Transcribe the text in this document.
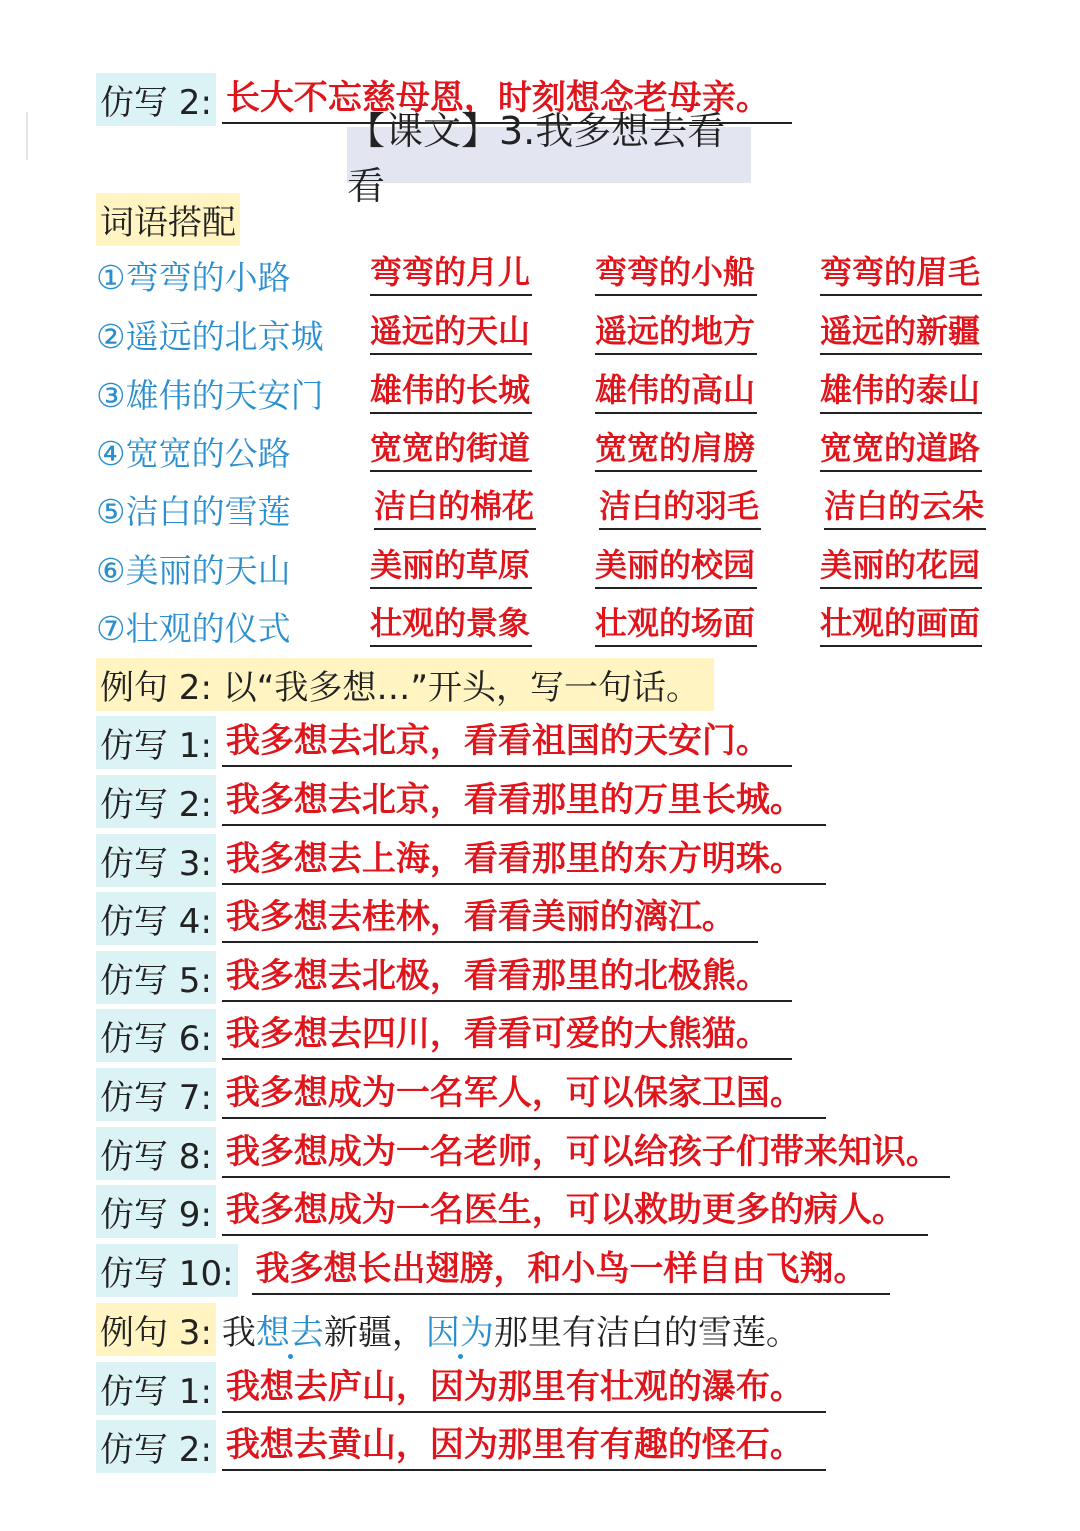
仿写 2: 长大不忘慈母恩，时刻想念老母亲。
【课文】3.我多想去看看
词语搭配
①弯弯的小路 弯弯的月儿 弯弯的小船 弯弯的眉毛
②遥远的北京城 遥远的天山 遥远的地方 遥远的新疆
③雄伟的天安门 雄伟的长城 雄伟的高山 雄伟的泰山
④宽宽的公路 宽宽的街道 宽宽的肩膀 宽宽的道路
⑤洁白的雪莲	洁白的棉花 洁白的羽毛 洁白的云朵
⑥美丽的天山 美丽的草原 美丽的校园 美丽的花园
⑦壮观的仪式 壮观的景象 壮观的场面 壮观的画面
例句 2: 以“我多想…”开头，写一句话。
仿写 1: 我多想去北京，看看祖国的天安门。
仿写 2: 我多想去北京，看看那里的万里长城。
仿写 3: 我多想去上海，看看那里的东方明珠。
仿写 4: 我多想去桂林，看看美丽的漓江。
仿写 5: 我多想去北极，看看那里的北极熊。
仿写 6: 我多想去四川，看看可爱的大熊猫。
仿写 7: 我多想成为一名军人，可以保家卫国。
仿写 8: 我多想成为一名老师，可以给孩子们带来知识。
仿写 9: 我多想成为一名医生，可以救助更多的病人。
仿写 10: 我多想长出翅膀，和小鸟一样自由飞翔。
例句 3: 我想去新疆，因为那里有洁白的雪莲。
仿写 1: 我想去庐山，因为那里有壮观的瀑布。
仿写 2: 我想去黄山，因为那里有有趣的怪石。
